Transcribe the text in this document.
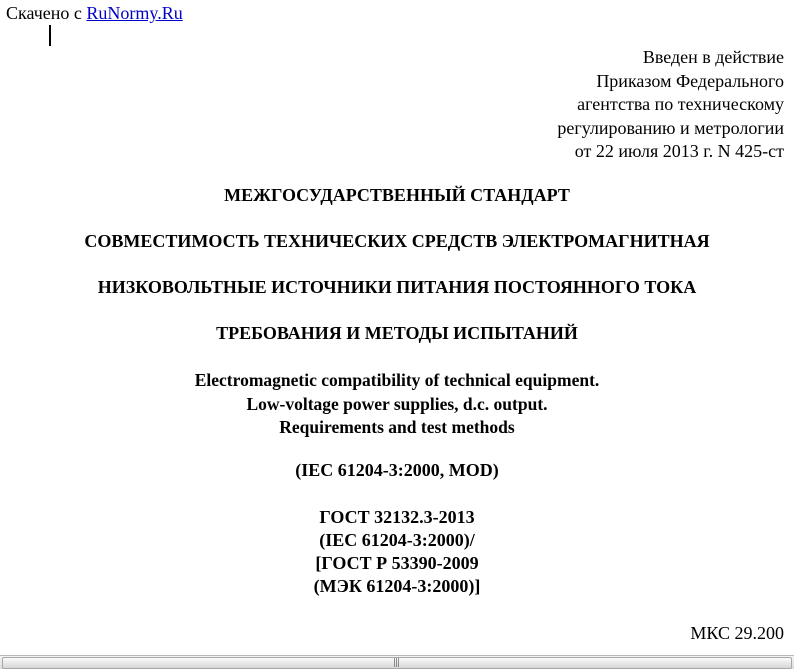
Скачено с RuNormy.Ru
Введен в действие
Приказом Федерального
агентства по техническому
регулированию и метрологии
от 22 июля 2013 г. N 425-ст
МЕЖГОСУДАРСТВЕННЫЙ СТАНДАРТ
СОВМЕСТИМОСТЬ ТЕХНИЧЕСКИХ СРЕДСТВ ЭЛЕКТРОМАГНИТНАЯ
НИЗКОВОЛЬТНЫЕ ИСТОЧНИКИ ПИТАНИЯ ПОСТОЯННОГО ТОКА
ТРЕБОВАНИЯ И МЕТОДЫ ИСПЫТАНИЙ
Electromagnetic compatibility of technical equipment.
Low-voltage power supplies, d.c. output.
Requirements and test methods
(IEC 61204-3:2000, MOD)
ГОСТ 32132.3-2013
(IEC 61204-3:2000)/
[ГОСТ Р 53390-2009
(МЭК 61204-3:2000)]
МКС 29.200
|||
